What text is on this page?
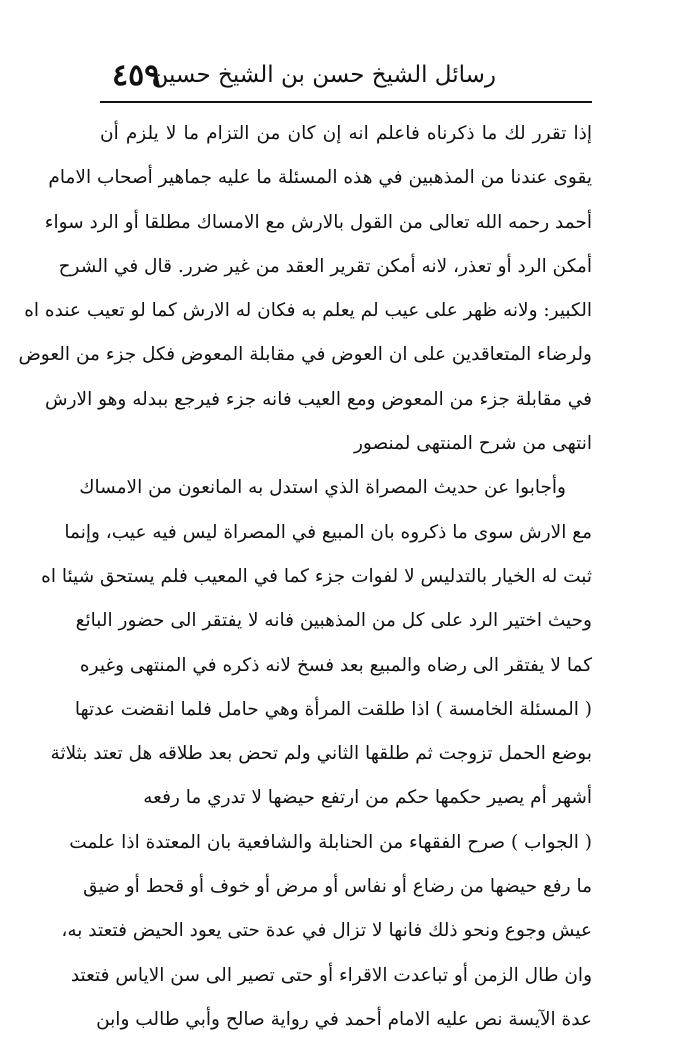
٤٥٩
رسائل الشيخ حسن بن الشيخ حسين
إذا تقرر لك ما ذكرناه فاعلم انه إن كان من التزام ما لا يلزم أن
يقوى عندنا من المذهبين في هذه المسئلة ما عليه جماهير أصحاب الامام
أحمد رحمه الله تعالى من القول بالارش مع الامساك مطلقا أو الرد سواء
أمكن الرد أو تعذر، لانه أمكن تقرير العقد من غير ضرر. قال في الشرح
الكبير: ولانه ظهر على عيب لم يعلم به فكان له الارش كما لو تعيب عنده اه
ولرضاء المتعاقدين على ان العوض في مقابلة المعوض فكل جزء من العوض
في مقابلة جزء من المعوض ومع العيب فانه جزء فيرجع ببدله وهو الارش
انتهى من شرح المنتهى لمنصور
وأجابوا عن حديث المصراة الذي استدل به المانعون من الامساك
مع الارش سوى ما ذكروه بان المبيع في المصراة ليس فيه عيب، وإنما
ثبت له الخيار بالتدليس لا لفوات جزء كما في المعيب فلم يستحق شيئا اه
وحيث اختير الرد على كل من المذهبين فانه لا يفتقر الى حضور البائع
كما لا يفتقر الى رضاه والمبيع بعد فسخ لانه ذكره في المنتهى وغيره
( المسئلة الخامسة ) اذا طلقت المرأة وهي حامل فلما انقضت عدتها
بوضع الحمل تزوجت ثم طلقها الثاني ولم تحض بعد طلاقه هل تعتد بثلاثة
أشهر أم يصير حكمها حكم من ارتفع حيضها لا تدري ما رفعه
( الجواب ) صرح الفقهاء من الحنابلة والشافعية بان المعتدة اذا علمت
ما رفع حيضها من رضاع أو نفاس أو مرض أو خوف أو قحط أو ضيق
عيش وجوع ونحو ذلك فانها لا تزال في عدة حتى يعود الحيض فتعتد به،
وان طال الزمن أو تباعدت الاقراء أو حتى تصير الى سن الاياس فتعتد
عدة الآيسة نص عليه الامام أحمد في رواية صالح وأبي طالب وابن
